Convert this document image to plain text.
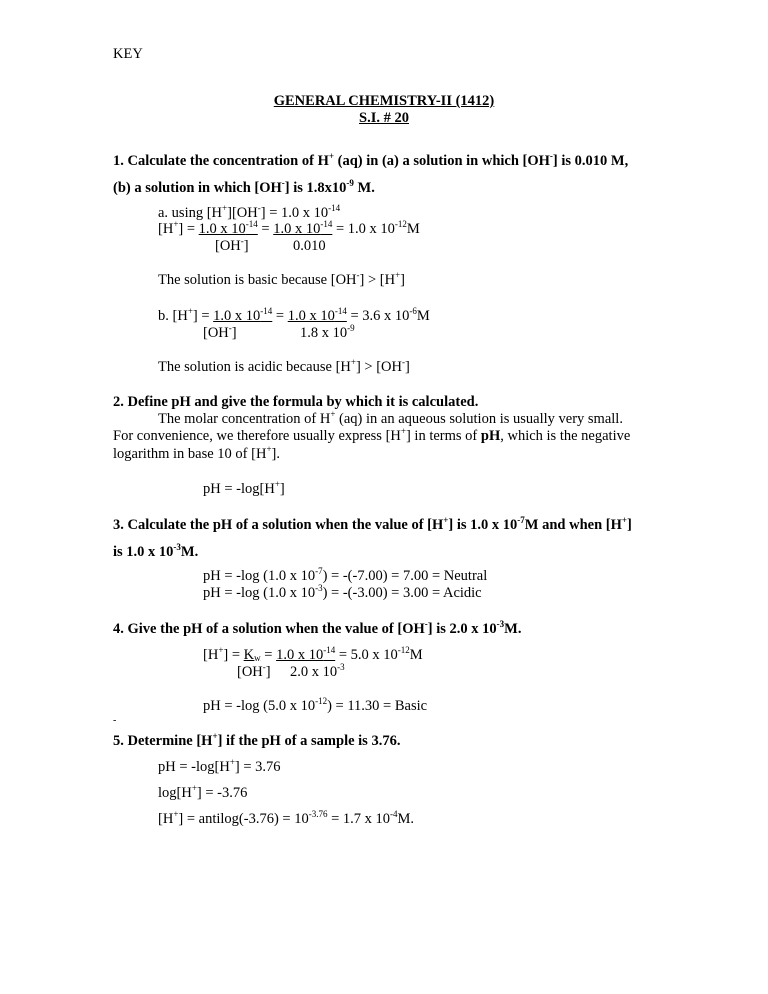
KEY
GENERAL CHEMISTRY-II (1412)
S.I. # 20
1. Calculate the concentration of H+ (aq) in (a) a solution in which [OH-] is 0.010 M,
(b) a solution in which [OH-] is $1.8x10^{-9}$ M.
a. using [H+][OH-] = 1.0 x $10^{-14}$
[H+] = 1.0 x $10^{-14} = 1.0$ x $10^{-14} = 1.0$ x $10^{-12}M$
[OH-]	0.010
The solution is basic because [OH-] > [H+]
b. [H+] = 1.0 x $10^{-14} = 1.0$ x $10^{-14} = 3.6$ x $10^{-6}M$
[OH-]	1.8 x $10^{-9}$
The solution is acidic because [H+] > [OH-]
2. Define pH and give the formula by which it is calculated.
The molar concentration of H+ (aq) in an aqueous solution is usually very small.
For convenience, we therefore usually express [H+] in terms of pH, which is the negative
logarithm in base 10 of [H+].
pH = -log[H+]
3. Calculate the pH of a solution when the value of [H+] is 1.0 x $10^{-7}M$ and when [H+]
is 1.0 x $10^{-3}M$.
pH = -log (1.0 x $10^{-7}) = -(-7.00) = 7.00$ = Neutral
pH = -log (1.0 x $10^{-3}) = -(-3.00) = 3.00$ = Acidic
4. Give the pH of a solution when the value of [OH-] is 2.0 x $10^{-3}M$.
$[H^+] = K_w = 1.0$ x $10^{-14} = 5.0$ x $10^{-12}M$
[OH-] 2.0 x $10^{-3}$
pH = -log (5.0 x $10^{-12}) = 11.30$ = Basic
-
5. Determine [H+] if the pH of a sample is 3.76.
pH = -log[H+] = 3.76
log[H+] = -3.76
[H+] = antilog(-3.76) = $10^{-3.76} = 1.7$ x $10^{-4}M$.
